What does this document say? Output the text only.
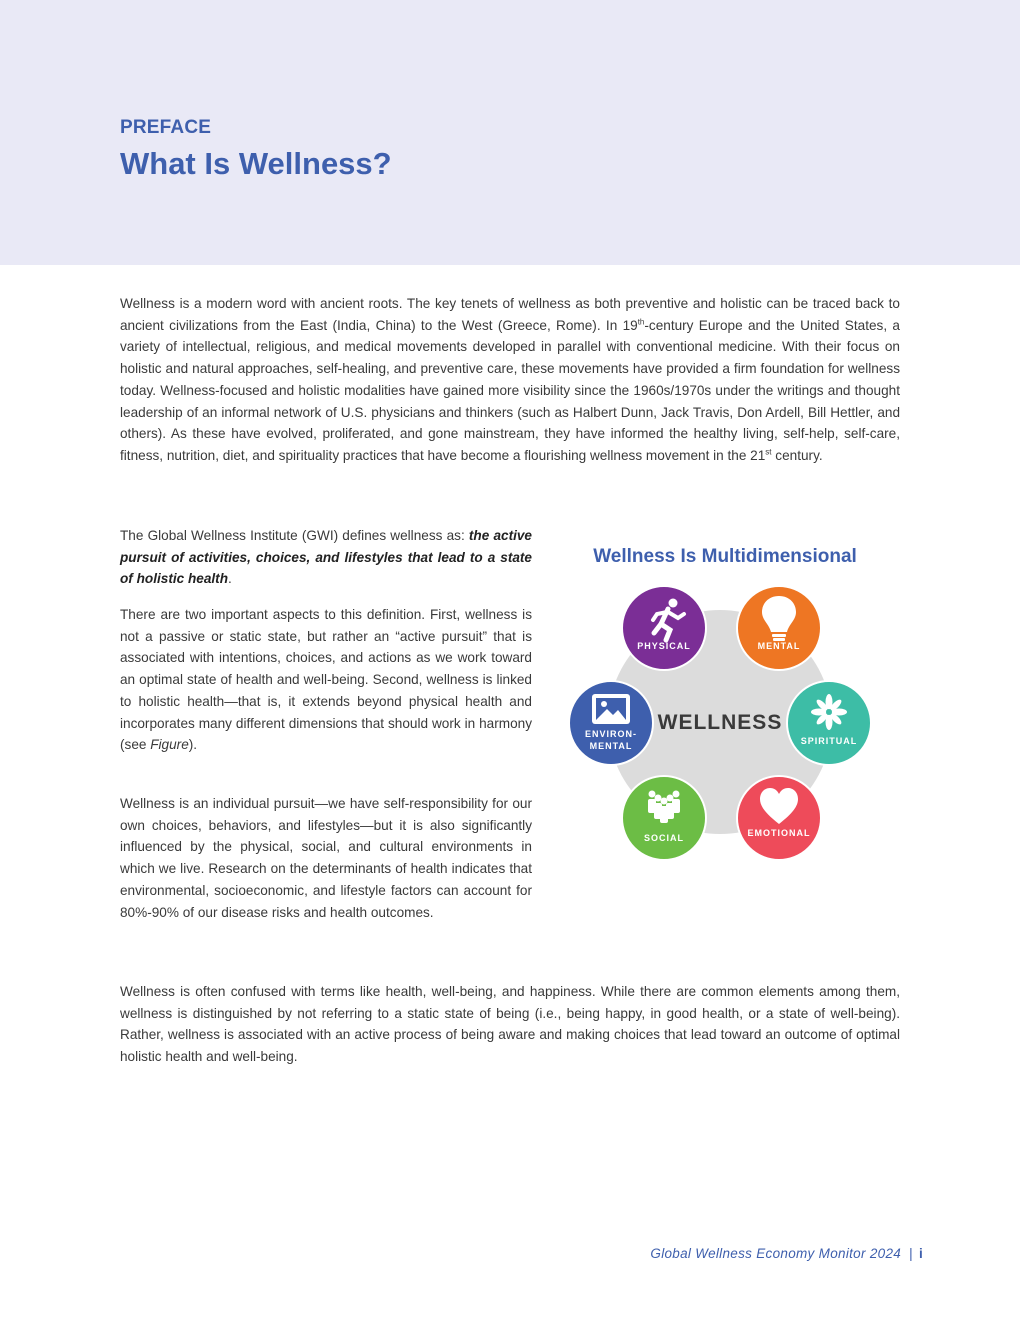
PREFACE
What Is Wellness?

Wellness is a modern word with ancient roots. The key tenets of wellness as both preventive and holistic can be traced back to ancient civilizations from the East (India, China) to the West (Greece, Rome). In 19th-century Europe and the United States, a variety of intellectual, religious, and medical movements developed in parallel with conventional medicine. With their focus on holistic and natural approaches, self-healing, and preventive care, these movements have provided a firm foundation for wellness today. Wellness-focused and holistic modalities have gained more visibility since the 1960s/1970s under the writings and thought leadership of an informal network of U.S. physicians and thinkers (such as Halbert Dunn, Jack Travis, Don Ardell, Bill Hettler, and others). As these have evolved, proliferated, and gone mainstream, they have informed the healthy living, self-help, self-care, fitness, nutrition, diet, and spirituality practices that have become a flourishing wellness movement in the 21st century.

The Global Wellness Institute (GWI) defines wellness as: the active pursuit of activities, choices, and lifestyles that lead to a state of holistic health.

There are two important aspects to this definition. First, wellness is not a passive or static state, but rather an “active pursuit” that is associated with intentions, choices, and actions as we work toward an optimal state of health and well-being. Second, wellness is linked to holistic health—that is, it extends beyond physical health and incorporates many different dimensions that should work in harmony (see Figure).

Wellness is an individual pursuit—we have self-responsibility for our own choices, behaviors, and lifestyles—but it is also significantly influenced by the physical, social, and cultural environments in which we live. Research on the determinants of health indicates that environmental, socioeconomic, and lifestyle factors can account for 80%-90% of our disease risks and health outcomes.

Wellness is often confused with terms like health, well-being, and happiness. While there are common elements among them, wellness is distinguished by not referring to a static state of being (i.e., being happy, in good health, or a state of well-being). Rather, wellness is associated with an active process of being aware and making choices that lead toward an outcome of optimal holistic health and well-being.

Wellness Is Multidimensional
WELLNESS
PHYSICAL	MENTAL
SPIRITUAL
EMOTIONAL
SOCIAL
ENVIRON-
MENTAL
Global Wellness Economy Monitor 2024 | i
